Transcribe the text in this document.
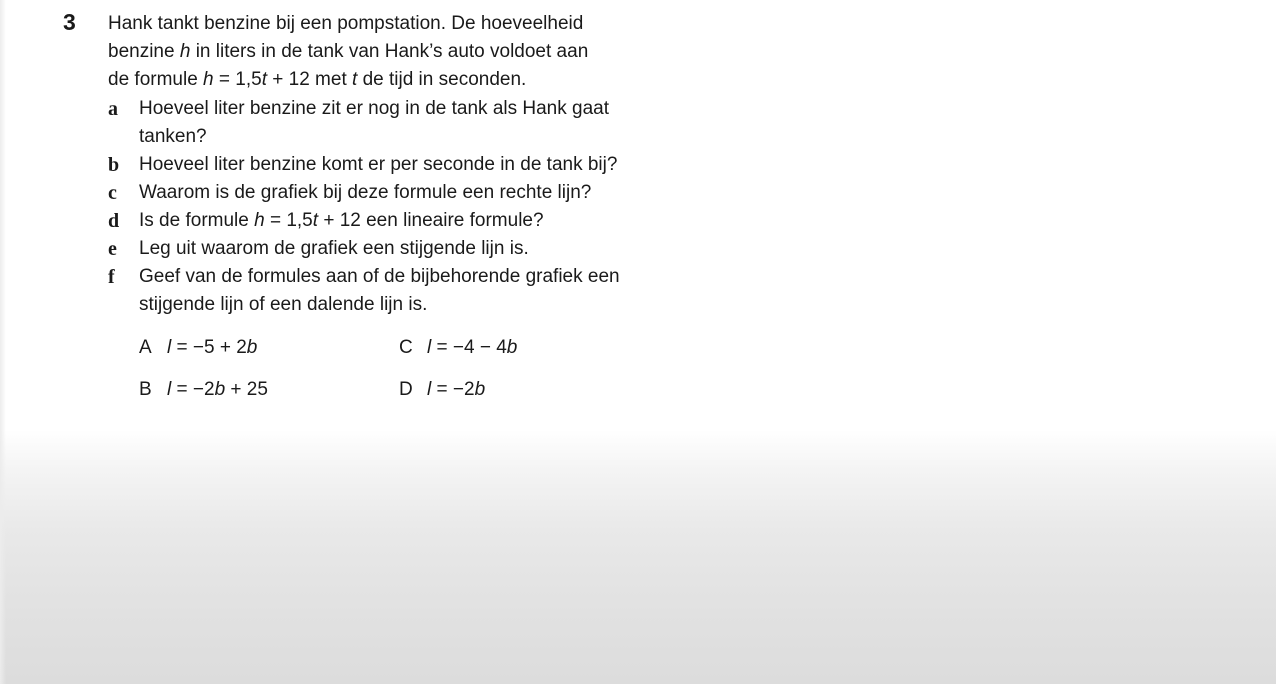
3 Hank tankt benzine bij een pompstation. De hoeveelheid
benzine h in liters in de tank van Hank’s auto voldoet aan
de formule h = 1,5t + 12 met t de tijd in seconden.
a Hoeveel liter benzine zit er nog in de tank als Hank gaat
tanken?
b Hoeveel liter benzine komt er per seconde in de tank bij?
c Waarom is de grafiek bij deze formule een rechte lijn?
d Is de formule h = 1,5t + 12 een lineaire formule?
e Leg uit waarom de grafiek een stijgende lijn is.
f Geef van de formules aan of de bijbehorende grafiek een
stijgende lijn of een dalende lijn is.
A l = −5 + 2b	C l = −4 − 4b
B l = −2b + 25	D l = −2b
